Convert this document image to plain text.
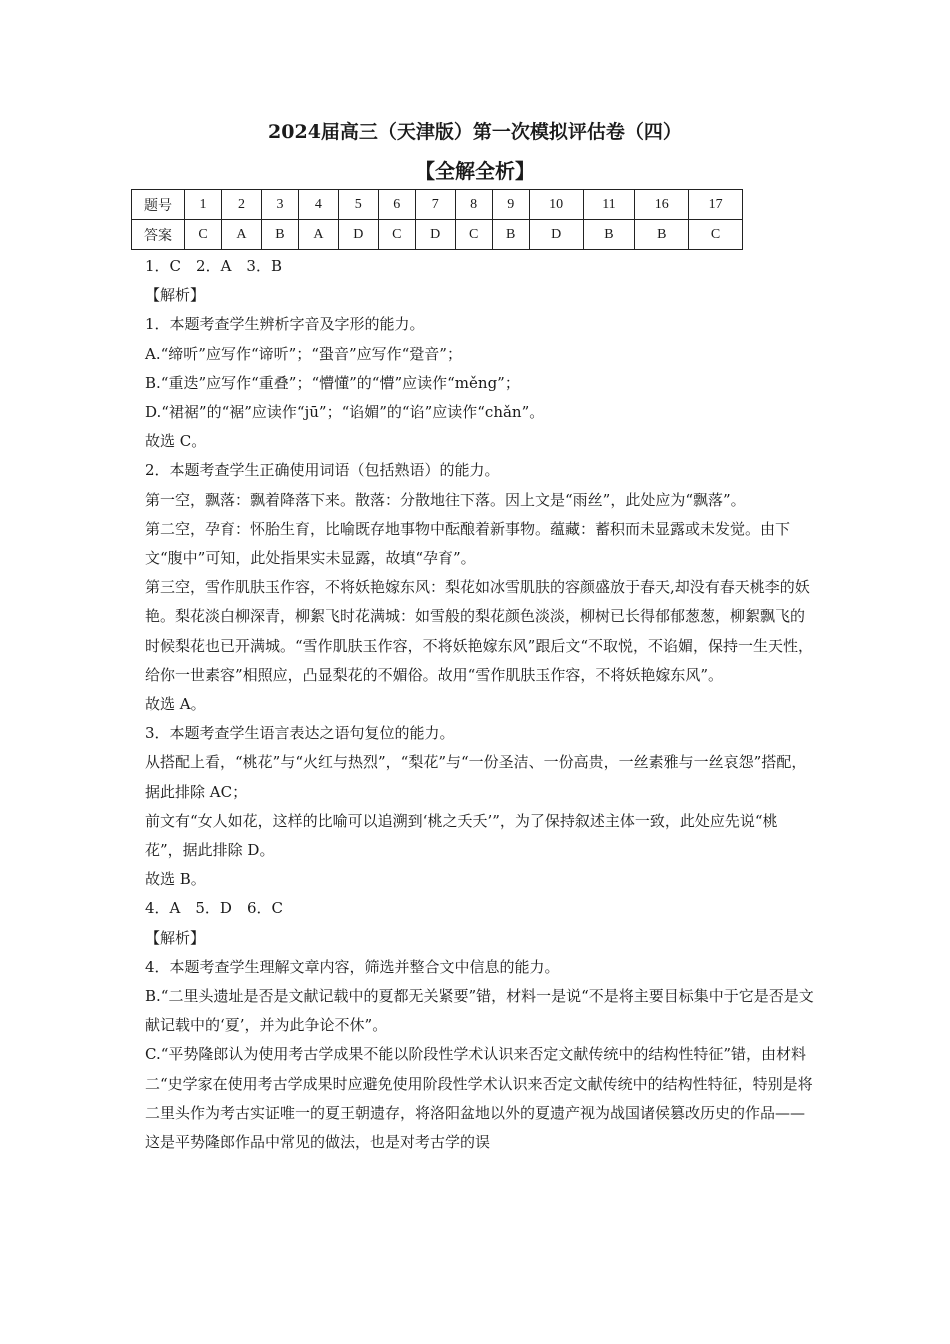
2024届高三（天津版）第一次模拟评估卷（四）
【全解全析】
题号	1	2	3	4	5	6	7	8	9	10	11	16	17
答案	C	A	B	A	D	C	D	C	B	D	B	B	C

1．C　2．A　3．B

【解析】

1．本题考查学生辨析字音及字形的能力。

A.“缔听”应写作“谛听”；“蛩音”应写作“跫音”；

B.“重迭”应写作“重叠”；“懵懂”的“懵”应读作“měng”；

D.“裙裾”的“裾”应读作“jū”；“谄媚”的“谄”应读作“chǎn”。

故选 C。

2．本题考查学生正确使用词语（包括熟语）的能力。

第一空，飘落：飘着降落下来。散落：分散地往下落。因上文是“雨丝”，此处应为“飘落”。

第二空，孕育：怀胎生育，比喻既存地事物中酝酿着新事物。蕴藏：蓄积而未显露或未发觉。由下文“腹中”可知，此处指果实未显露，故填“孕育”。

第三空，雪作肌肤玉作容，不将妖艳嫁东风：梨花如冰雪肌肤的容颜盛放于春天,却没有春天桃李的妖艳。梨花淡白柳深青，柳絮飞时花满城：如雪般的梨花颜色淡淡，柳树已长得郁郁葱葱，柳絮飘飞的时候梨花也已开满城。“雪作肌肤玉作容，不将妖艳嫁东风”跟后文“不取悦，不谄媚，保持一生天性，给你一世素容”相照应，凸显梨花的不媚俗。故用“雪作肌肤玉作容，不将妖艳嫁东风”。

故选 A。

3．本题考查学生语言表达之语句复位的能力。

从搭配上看，“桃花”与“火红与热烈”，“梨花”与“一份圣洁、一份高贵，一丝素雅与一丝哀怨”搭配，据此排除 AC；

前文有“女人如花，这样的比喻可以追溯到‘桃之夭夭’”，为了保持叙述主体一致，此处应先说“桃花”，据此排除 D。

故选 B。

4．A　5．D　6．C

【解析】

4．本题考查学生理解文章内容，筛选并整合文中信息的能力。

B.“二里头遗址是否是文献记载中的夏都无关紧要”错，材料一是说“不是将主要目标集中于它是否是文献记载中的‘夏’，并为此争论不休”。

C.“平势隆郎认为使用考古学成果不能以阶段性学术认识来否定文献传统中的结构性特征”错，由材料二“史学家在使用考古学成果时应避免使用阶段性学术认识来否定文献传统中的结构性特征，特别是将二里头作为考古实证唯一的夏王朝遗存，将洛阳盆地以外的夏遗产视为战国诸侯篡改历史的作品——这是平势隆郎作品中常见的做法，也是对考古学的误
